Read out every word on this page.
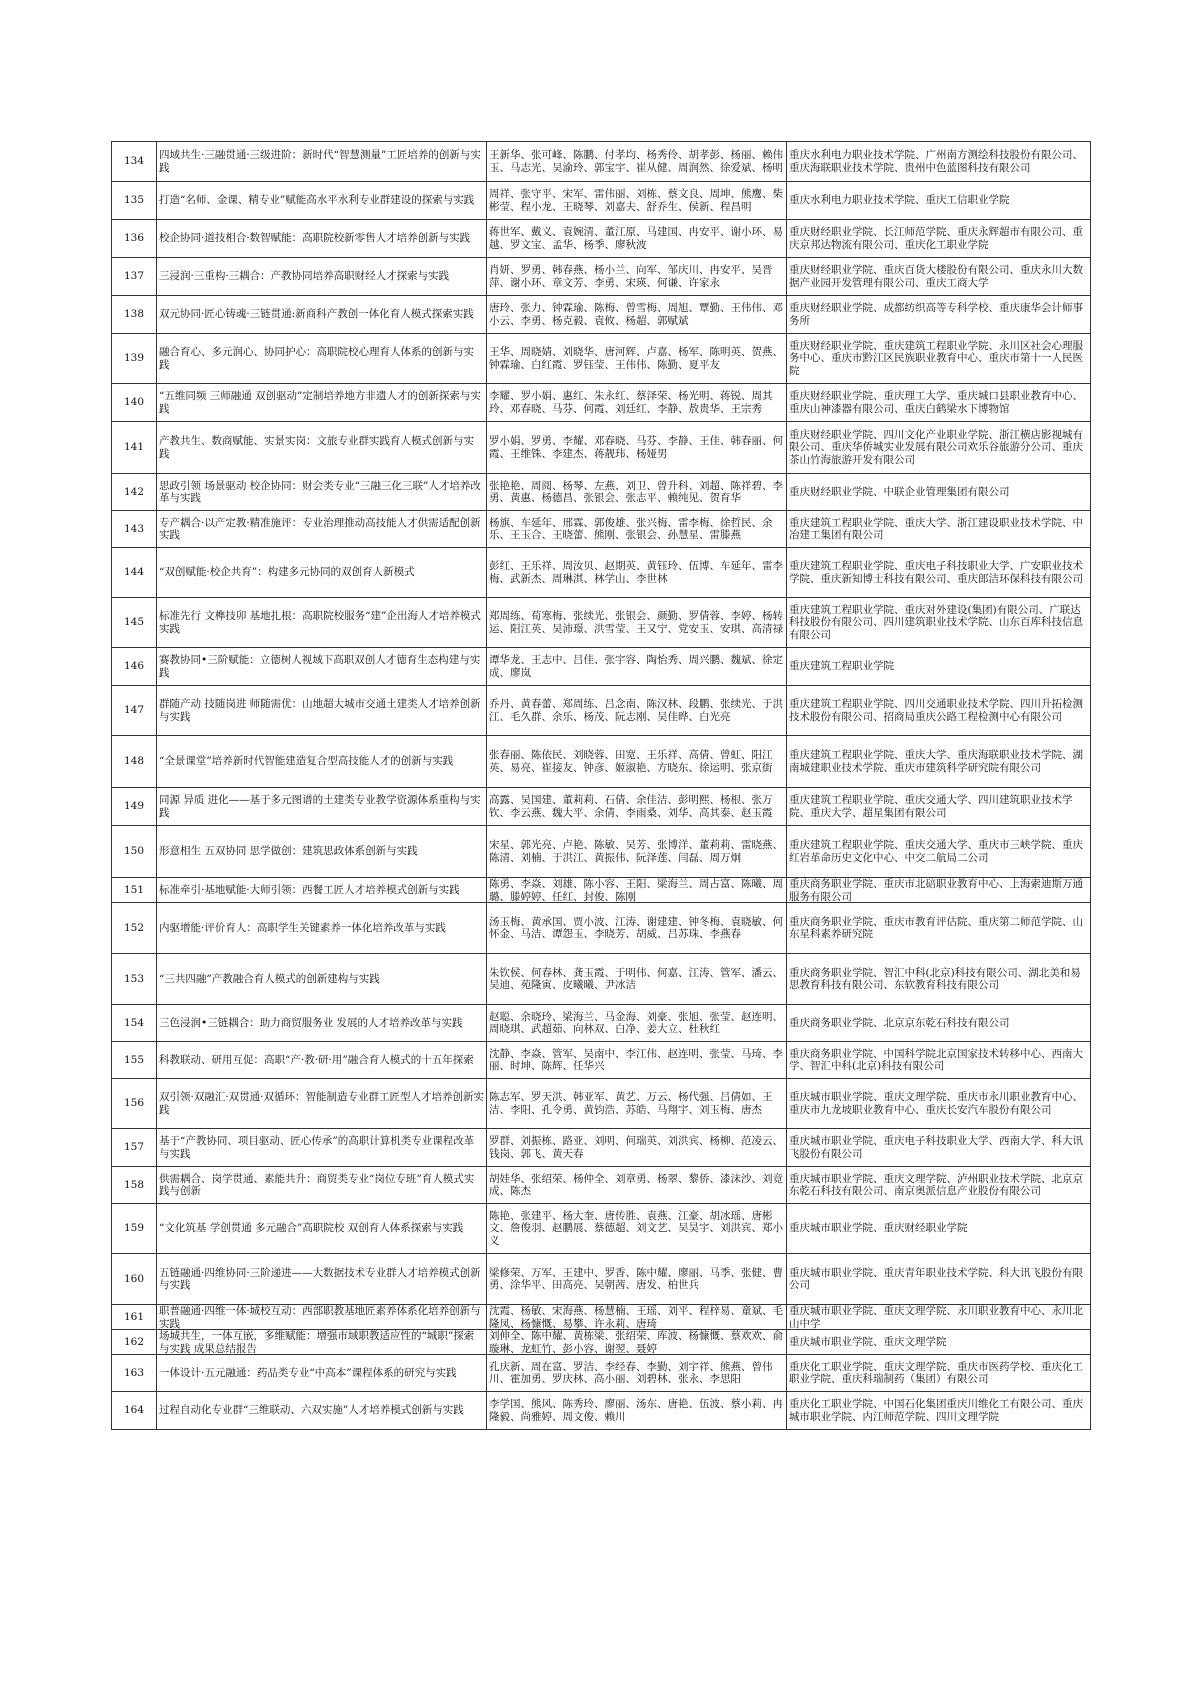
134	四域共生·三融贯通·三级进阶：新时代“智慧测量”工匠培养的创新与实践	王新华、张可峰、陈鹏、付孝均、杨秀伶、胡孝彭、杨丽、赖伟玉、马志光、吴渝玲、郭宝宇、崔从健、周润然、徐爱斌、杨明	重庆水利电力职业技术学院、广州南方测绘科技股份有限公司、重庆海联职业技术学院、贵州中色蓝图科技有限公司

135	打造“名师、金课、精专业”赋能高水平水利专业群建设的探索与实践	周祥、张守平、宋军、雷伟丽、刘栋、蔡文良、周坤、熊鹰、柴彬莹、程小龙、王晓琴、刘嘉夫、舒乔生、侯新、程昌明	重庆水利电力职业技术学院、重庆工信职业学院

136	校企协同·道技相合·数智赋能：高职院校新零售人才培养创新与实践	蒋世军、戴义、袁婉清、董江原、马建国、冉安平、谢小环、易越、罗文宝、孟华、杨季、廖秋波	重庆财经职业学院、长江师范学院、重庆永辉超市有限公司、重庆京邦达物流有限公司、重庆化工职业学院

137	三浸润·三重构·三耦合：产教协同培养高职财经人才探索与实践	肖妍、罗勇、韩春燕、杨小兰、向军、邹庆川、冉安平、吴晋萍、谢小环、章文芳、李勇、宋瑛、何谦、许家永	重庆财经职业学院、重庆百货大楼股份有限公司、重庆永川大数据产业园开发管理有限公司、重庆工商大学

138	双元协同·匠心铸魂·三链贯通:新商科产教创一体化育人模式探索实践	唐玲、张力、钟霖瑜、陈梅、曾雪梅、周旭、覃勤、王伟伟、邓小云、李勇、杨克毅、袁攸、杨超、郭赋斌	重庆财经职业学院、成都纺织高等专科学校、重庆康华会计师事务所

139	融合育心、多元润心、协同护心：高职院校心理育人体系的创新与实践	王华、周晓婧、刘晓华、唐河辉、卢嘉、杨军、陈明英、贺燕、钟霖瑜、白红霞、罗钰莹、王伟伟、陈勤、夏平友	重庆财经职业学院、重庆建筑工程职业学院、永川区社会心理服务中心、重庆市黔江区民族职业教育中心、重庆市第十一人民医院

140	“五维同频 三师融通 双创驱动”定制培养地方非遗人才的创新探索与实践	李耀、罗小娟、惠红、朱永红、蔡泽荣、杨光明、蒋锐、周其玲、邓春晓、马芬、何霞、刘廷红、李静、敖贵华、王宗秀	重庆财经职业学院、重庆理工大学、重庆城口县职业教育中心、重庆山神漆器有限公司、重庆白鹤梁水下博物馆

141	产教共生、数商赋能、实景实岗：文旅专业群实践育人模式创新与实践	罗小娟、罗勇、李耀、邓春晓、马芬、李静、王佳、韩春丽、何霞、王维铢、李建杰、蒋靓玮、杨娅男	重庆财经职业学院、四川文化产业职业学院、浙江横店影视城有限公司、重庆华侨城实业发展有限公司欢乐谷旅游分公司、重庆茶山竹海旅游开发有限公司

142	思政引领 场景驱动 校企协同：财会类专业“三融三化三联”人才培养改革与实践	张艳艳、周阅、杨琴、左燕、刘卫、曾升科、刘超、陈祥碧、李勇、黄惠、杨德昌、张银会、张志平、赖纯见、贺育华	重庆财经职业学院、中联企业管理集团有限公司

143	专产耦合·以产定教·精准施评：专业治理推动高技能人才供需适配创新实践	杨旗、车延年、邢霖、郭俊雄、张兴梅、雷李梅、徐哲民、余乐、王玉合、王晓蕾、熊刚、张银会、孙慧星、雷滕燕	重庆建筑工程职业学院、重庆大学、浙江建设职业技术学院、中冶建工集团有限公司

144	“双创赋能·校企共育”：构建多元协同的双创育人新模式	彭红、王乐祥、周汝贝、赵期英、黄钰玲、伍博、车延年、雷李梅、武新杰、周琳淇、林学山、李世林	重庆建筑工程职业学院、重庆电子科技职业大学、广安职业技术学院、重庆新知博士科技有限公司、重庆郎洁环保科技有限公司

145	标准先行 文榫技卯 基地扎根：高职院校服务“建”企出海人才培养模式实践	郑周练、荀寒梅、张续光、张银会、颜勤、罗倩蓉、李婷、杨转运、阳江英、吴沛璟、洪雪莹、王又宁、党安玉、安琪、高清禄	重庆建筑工程职业学院、重庆对外建设(集团)有限公司、广联达科技股份有限公司、四川建筑职业技术学院、山东百库科技信息有限公司

146	赛教协同•三阶赋能：立德树人视域下高职双创人才德育生态构建与实践	谭华龙、王志中、吕佳、张宇容、陶怡秀、周兴鹏、魏斌、徐定成、廖岚	重庆建筑工程职业学院

147	群随产动 技随岗进 师随需优：山地超大城市交通土建类人才培养创新与实践	乔丹、黄春蕾、郑周练、吕念南、陈汉林、段鹏、张续光、于洪江、毛久群、余乐、杨茂、阮志刚、吴佳晔、白光亮	重庆建筑工程职业学院、四川交通职业技术学院、四川升拓检测技术股份有限公司、招商局重庆公路工程检测中心有限公司

148	“全景课堂”培养新时代智能建造复合型高技能人才的创新与实践	张春丽、陈依民、刘晓蓉、田宽、王乐祥、高倩、曾虹、阳江英、易亮、崔接友、钟彦、姬淑艳、方晓东、徐运明、张京街	重庆建筑工程职业学院、重庆大学、重庆海联职业技术学院、湖南城建职业技术学院、重庆市建筑科学研究院有限公司

149	同源 异质 进化——基于多元图谱的土建类专业教学资源体系重构与实践	高露、吴国建、董莉莉、石倩、余佳洁、彭明熙、杨根、张万钦、李云燕、魏大平、余倩、李雨桑、刘华、高其泰、赵玉霞	重庆建筑工程职业学院、重庆交通大学、四川建筑职业技术学院、重庆大学、超星集团有限公司

150	形意相生 五双协同 思学做创：建筑思政体系创新与实践	宋星、郭光亮、卢艳、陈敏、吴芳、张博洋、董莉莉、雷晓燕、陈清、刘楠、于洪江、黄振伟、阮泽莲、闫磊、周万炯	重庆建筑工程职业学院、重庆交通大学、重庆市三峡学院、重庆红岩革命历史文化中心、中交二航局二公司

151	标准牵引·基地赋能·大师引领：西餐工匠人才培养模式创新与实践	陈勇、李焱、刘雄、陈小容、王阳、梁海兰、周占富、陈曦、周璐、滕婷婷、任红、封俊、陈刚	重庆商务职业学院、重庆市北碚职业教育中心、上海索迪斯万通服务有限公司

152	内驱增能·评价育人：高职学生关键素养一体化培养改革与实践	汤玉梅、黄承国、贾小波、江涛、谢建建、钟冬梅、袁晓敏、何怀金、马洁、谭怨玉、李晓芳、胡威、吕苏珠、李燕春	重庆商务职业学院、重庆市教育评估院、重庆第二师范学院、山东星科素养研究院

153	“三共四融”产教融合育人模式的创新建构与实践	朱钦侯、何春林、龚玉霞、于明伟、何嘉、江涛、管军、潘云、吴迪、苑隆寅、皮曦曦、尹冰洁	重庆商务职业学院、智汇中科(北京)科技有限公司、湖北美和易思教育科技有限公司、东软教育科技有限公司

154	三色浸润•三链耦合：助力商贸服务业 发展的人才培养改革与实践	赵聪、余晓玲、梁海兰、马金海、刘豪、张旭、张莹、赵连明、周晓琪、武超茹、向林双、白净、姜大立、杜秋红	重庆商务职业学院、北京京东乾石科技有限公司

155	科教联动、研用互促：高职“产·教·研·用”融合育人模式的十五年探索	沈静、李焱、管军、吴南中、李江伟、赵连明、张莹、马琦、李丽、时坤、陈辉、任华兴	重庆商务职业学院、中国科学院北京国家技术转移中心、西南大学、智汇中科(北京)科技有限公司

156	双引领·双融汇·双贯通·双循环：智能制造专业群工匠型人才培养创新实践	陈志军、罗天洪、韩亚军、黄艺、万云、杨代强、吕倩如、王洁、李阳、孔令勇、黄钧浩、苏皓、马翔宇、刘玉梅、唐杰	重庆城市职业学院、重庆文理学院、重庆市永川职业教育中心、重庆市九龙坡职业教育中心、重庆长安汽车股份有限公司

157	基于“产教协同、项目驱动、匠心传承”的高职计算机类专业课程改革与实践	罗群、刘振栋、路亚、刘明、何瑞英、刘洪宾、杨柳、范凌云、钱岗、郭飞、黄天春	重庆城市职业学院、重庆电子科技职业大学、西南大学、科大讯飞股份有限公司

158	供需耦合、岗学贯通、素能共升：商贸类专业“岗位专班”育人模式实践与创新	胡娃华、张绍荣、杨仲全、刘章勇、杨翠、黎侨、漆沫沙、刘竟成、陈杰	重庆城市职业学院、重庆文理学院、泸州职业技术学院、北京京东乾石科技有限公司、南京奥派信息产业股份有限公司

159	“文化筑基 学创贯通 多元融合”高职院校 双创育人体系探索与实践	陈艳、张建平、杨大奎、唐传胜、袁燕、江豪、胡冰瑶、唐彬文、詹俊羽、赵鹏展、蔡德超、刘文艺、吴昊宇、刘洪宾、郑小义	重庆城市职业学院、重庆财经职业学院

160	五链融通·四维协同·三阶递进——大数据技术专业群人才培养模式创新与实践	梁修荣、万军、王建中、罗香、陈中耀、廖丽、马季、张健、曹勇、涂华平、田高亮、吴朝茜、唐发、柏世兵	重庆城市职业学院、重庆青年职业技术学院、科大讯飞股份有限公司

161	职普融通·四维一体·城校互动：西部职教基地匠素养体系化培养创新与实践	沈霞、杨敏、宋海燕、杨慧楠、王瑶、刘平、程梓易、童斌、毛隆凤、杨慷慨、易攀、许永莉、唐琦	重庆城市职业学院、重庆文理学院、永川职业教育中心、永川北山中学

162	场城共生，一体互嵌，多维赋能：增强市域职教适应性的“城职”探索与实践 成果总结报告	刘伸全、陈中耀、黄栋梁、张绍荣、库波、杨慷慨、蔡欢欢、俞璇琳、龙虹竹、彭小容、谢翌、聂婷	重庆城市职业学院、重庆文理学院

163	一体设计·五元融通：药品类专业“中高本”课程体系的研究与实践	孔庆新、周在富、罗洁、李经春、李勤、刘宇祥、熊燕、曾伟川、霍加勇、罗庆林、高小丽、刘碧林、张永、李思阳	重庆化工职业学院、重庆文理学院、重庆市医药学校、重庆化工职业学院、重庆科瑞制药（集团）有限公司

164	过程自动化专业群“三维联动、六双实施”人才培养模式创新与实践	李学国、熊风、陈秀玲、廖丽、汤东、唐艳、伍波、蔡小莉、冉隆毅、尚雅婷、周文俊、赖川	重庆化工职业学院、中国石化集团重庆川维化工有限公司、重庆城市职业学院、内江师范学院、四川文理学院
